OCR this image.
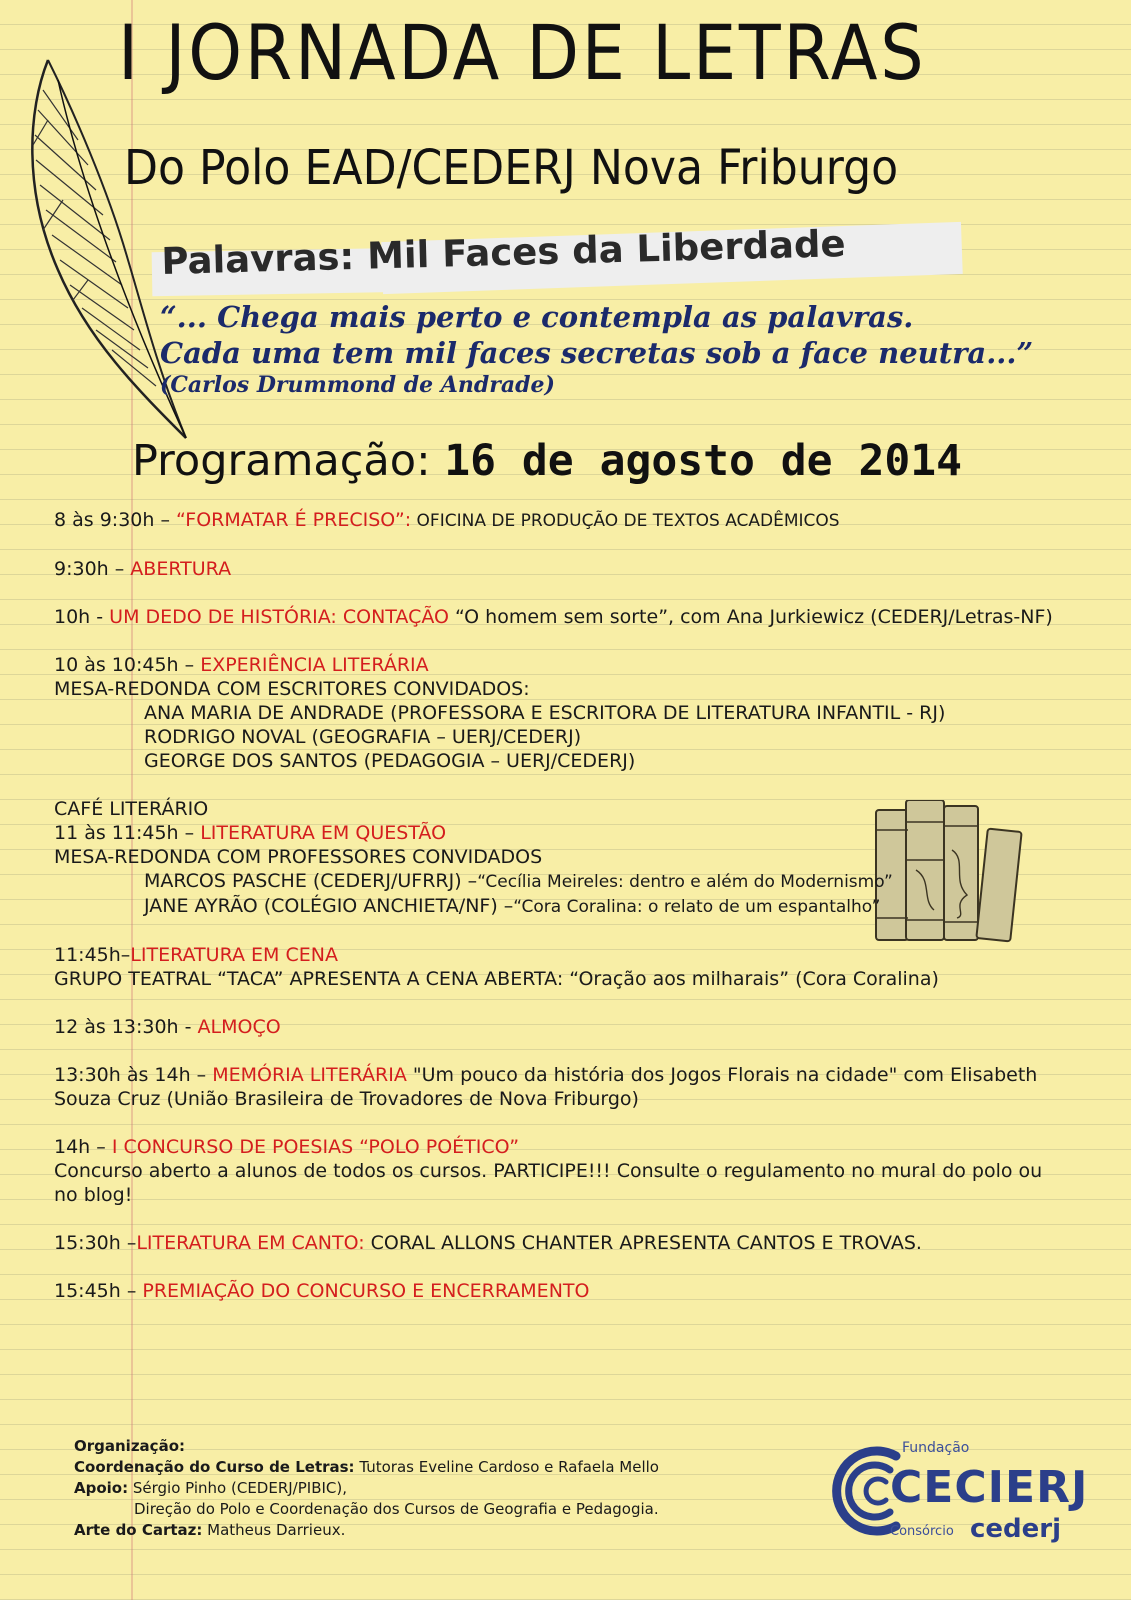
I JORNADA DE LETRAS
Do Polo EAD/CEDERJ Nova Friburgo
Palavras: Mil Faces da Liberdade
“... Chega mais perto e contempla as palavras.
Cada uma tem mil faces secretas sob a face neutra...”
(Carlos Drummond de Andrade)
Programação: 16 de agosto de 2014

8 às 9:30h – “FORMATAR É PRECISO”: OFICINA DE PRODUÇÃO DE TEXTOS ACADÊMICOS

9:30h – ABERTURA

10h - UM DEDO DE HISTÓRIA: CONTAÇÃO “O homem sem sorte”, com Ana Jurkiewicz (CEDERJ/Letras-NF)

10 às 10:45h – EXPERIÊNCIA LITERÁRIA
MESA-REDONDA COM ESCRITORES CONVIDADOS:
ANA MARIA DE ANDRADE (PROFESSORA E ESCRITORA DE LITERATURA INFANTIL - RJ)
RODRIGO NOVAL (GEOGRAFIA – UERJ/CEDERJ)
GEORGE DOS SANTOS (PEDAGOGIA – UERJ/CEDERJ)
CAFÉ LITERÁRIO
11 às 11:45h – LITERATURA EM QUESTÃO
MESA-REDONDA COM PROFESSORES CONVIDADOS
MARCOS PASCHE (CEDERJ/UFRRJ) –“Cecília Meireles: dentro e além do Modernismo”
JANE AYRÃO (COLÉGIO ANCHIETA/NF) –“Cora Coralina: o relato de um espantalho”
11:45h–LITERATURA EM CENA
GRUPO TEATRAL “TACA” APRESENTA A CENA ABERTA: “Oração aos milharais” (Cora Coralina)

12 às 13:30h - ALMOÇO

13:30h às 14h – MEMÓRIA LITERÁRIA "Um pouco da história dos Jogos Florais na cidade" com Elisabeth Souza Cruz (União Brasileira de Trovadores de Nova Friburgo)

14h – I CONCURSO DE POESIAS “POLO POÉTICO”
Concurso aberto a alunos de todos os cursos. PARTICIPE!!! Consulte o regulamento no mural do polo ou no blog!

15:30h –LITERATURA EM CANTO: CORAL ALLONS CHANTER APRESENTA CANTOS E TROVAS.

15:45h – PREMIAÇÃO DO CONCURSO E ENCERRAMENTO

Organização:
Coordenação do Curso de Letras: Tutoras Eveline Cardoso e Rafaela Mello
Apoio: Sérgio Pinho (CEDERJ/PIBIC),
Direção do Polo e Coordenação dos Cursos de Geografia e Pedagogia.
Arte do Cartaz: Matheus Darrieux.
Fundação
CECIERJ
Consórcio cederj
